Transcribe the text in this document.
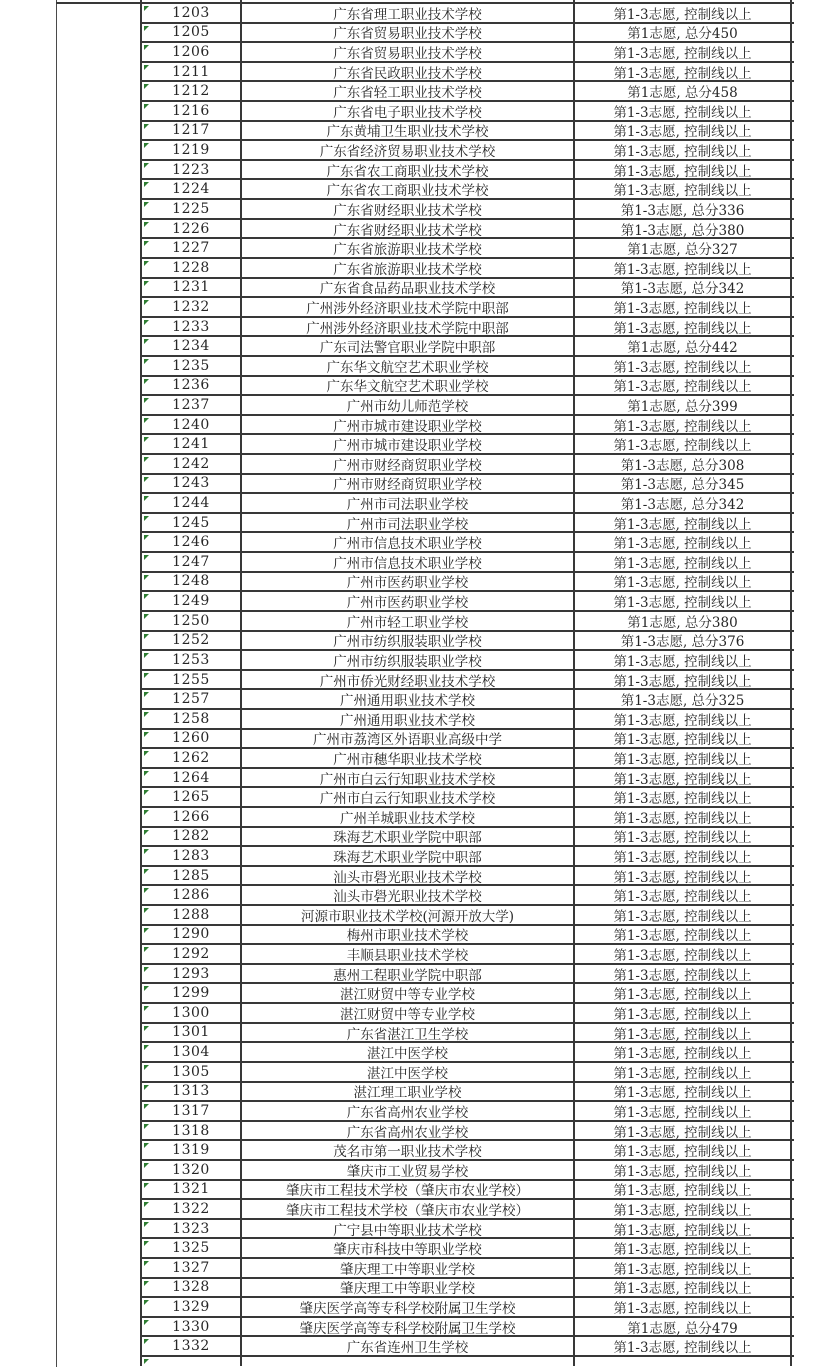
1203	广东省理工职业技术学校	第1-3志愿, 控制线以上
1205	广东省贸易职业技术学校	第1志愿, 总分450
1206	广东省贸易职业技术学校	第1-3志愿, 控制线以上
1211	广东省民政职业技术学校	第1-3志愿, 控制线以上
1212	广东省轻工职业技术学校	第1志愿, 总分458
1216	广东省电子职业技术学校	第1-3志愿, 控制线以上
1217	广东黄埔卫生职业技术学校	第1-3志愿, 控制线以上
1219	广东省经济贸易职业技术学校	第1-3志愿, 控制线以上
1223	广东省农工商职业技术学校	第1-3志愿, 控制线以上
1224	广东省农工商职业技术学校	第1-3志愿, 控制线以上
1225	广东省财经职业技术学校	第1-3志愿, 总分336
1226	广东省财经职业技术学校	第1-3志愿, 总分380
1227	广东省旅游职业技术学校	第1志愿, 总分327
1228	广东省旅游职业技术学校	第1-3志愿, 控制线以上
1231	广东省食品药品职业技术学校	第1-3志愿, 总分342
1232	广州涉外经济职业技术学院中职部	第1-3志愿, 控制线以上
1233	广州涉外经济职业技术学院中职部	第1-3志愿, 控制线以上
1234	广东司法警官职业学院中职部	第1志愿, 总分442
1235	广东华文航空艺术职业学校	第1-3志愿, 控制线以上
1236	广东华文航空艺术职业学校	第1-3志愿, 控制线以上
1237	广州市幼儿师范学校	第1志愿, 总分399
1240	广州市城市建设职业学校	第1-3志愿, 控制线以上
1241	广州市城市建设职业学校	第1-3志愿, 控制线以上
1242	广州市财经商贸职业学校	第1-3志愿, 总分308
1243	广州市财经商贸职业学校	第1-3志愿, 总分345
1244	广州市司法职业学校	第1-3志愿, 总分342
1245	广州市司法职业学校	第1-3志愿, 控制线以上
1246	广州市信息技术职业学校	第1-3志愿, 控制线以上
1247	广州市信息技术职业学校	第1-3志愿, 控制线以上
1248	广州市医药职业学校	第1-3志愿, 控制线以上
1249	广州市医药职业学校	第1-3志愿, 控制线以上
1250	广州市轻工职业学校	第1志愿, 总分380
1252	广州市纺织服装职业学校	第1-3志愿, 总分376
1253	广州市纺织服装职业学校	第1-3志愿, 控制线以上
1255	广州市侨光财经职业技术学校	第1-3志愿, 控制线以上
1257	广州通用职业技术学校	第1-3志愿, 总分325
1258	广州通用职业技术学校	第1-3志愿, 控制线以上
1260	广州市荔湾区外语职业高级中学	第1-3志愿, 控制线以上
1262	广州市穗华职业技术学校	第1-3志愿, 控制线以上
1264	广州市白云行知职业技术学校	第1-3志愿, 控制线以上
1265	广州市白云行知职业技术学校	第1-3志愿, 控制线以上
1266	广州羊城职业技术学校	第1-3志愿, 控制线以上
1282	珠海艺术职业学院中职部	第1-3志愿, 控制线以上
1283	珠海艺术职业学院中职部	第1-3志愿, 控制线以上
1285	汕头市礐光职业技术学校	第1-3志愿, 控制线以上
1286	汕头市礐光职业技术学校	第1-3志愿, 控制线以上
1288	河源市职业技术学校(河源开放大学)	第1-3志愿, 控制线以上
1290	梅州市职业技术学校	第1-3志愿, 控制线以上
1292	丰顺县职业技术学校	第1-3志愿, 控制线以上
1293	惠州工程职业学院中职部	第1-3志愿, 控制线以上
1299	湛江财贸中等专业学校	第1-3志愿, 控制线以上
1300	湛江财贸中等专业学校	第1-3志愿, 控制线以上
1301	广东省湛江卫生学校	第1-3志愿, 控制线以上
1304	湛江中医学校	第1-3志愿, 控制线以上
1305	湛江中医学校	第1-3志愿, 控制线以上
1313	湛江理工职业学校	第1-3志愿, 控制线以上
1317	广东省高州农业学校	第1-3志愿, 控制线以上
1318	广东省高州农业学校	第1-3志愿, 控制线以上
1319	茂名市第一职业技术学校	第1-3志愿, 控制线以上
1320	肇庆市工业贸易学校	第1-3志愿, 控制线以上
1321	肇庆市工程技术学校（肇庆市农业学校）	第1-3志愿, 控制线以上
1322	肇庆市工程技术学校（肇庆市农业学校）	第1-3志愿, 控制线以上
1323	广宁县中等职业技术学校	第1-3志愿, 控制线以上
1325	肇庆市科技中等职业学校	第1-3志愿, 控制线以上
1327	肇庆理工中等职业学校	第1-3志愿, 控制线以上
1328	肇庆理工中等职业学校	第1-3志愿, 控制线以上
1329	肇庆医学高等专科学校附属卫生学校	第1-3志愿, 控制线以上
1330	肇庆医学高等专科学校附属卫生学校	第1志愿, 总分479
1332	广东省连州卫生学校	第1-3志愿, 控制线以上
